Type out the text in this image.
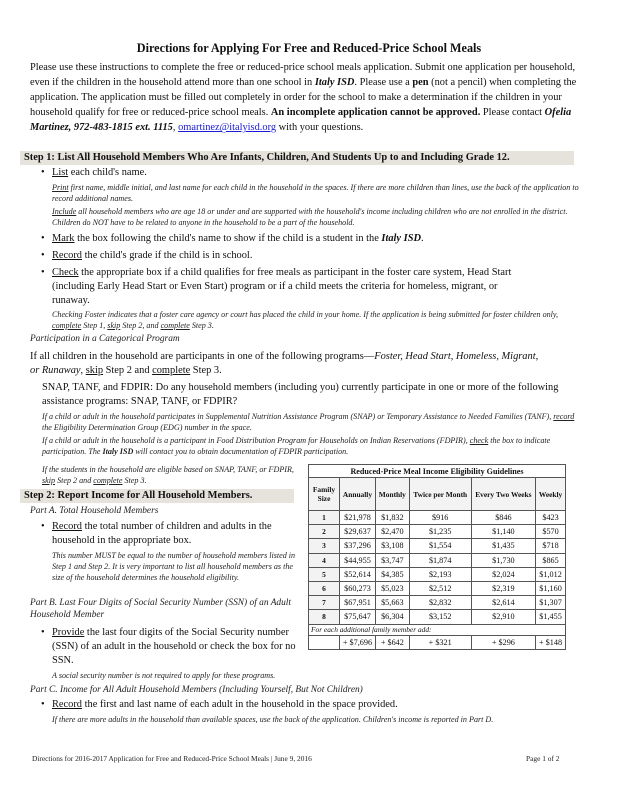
Directions for Applying For Free and Reduced-Price School Meals
Please use these instructions to complete the free or reduced-price school meals application. Submit one application per household, even if the children in the household attend more than one school in Italy ISD. Please use a pen (not a pencil) when completing the application. The application must be filled out completely in order for the school to make a determination if the children in your household qualify for free or reduced-price school meals. An incomplete application cannot be approved. Please contact Ofelia Martinez, 972-483-1815 ext. 1115, omartinez@italyisd.org with your questions.
Step 1: List All Household Members Who Are Infants, Children, And Students Up to and Including Grade 12.
• List each child's name.
Print first name, middle initial, and last name for each child in the household in the spaces. If there are more children than lines, use the back of the application to record additional names.
Include all household members who are age 18 or under and are supported with the household's income including children who are not enrolled in the district. Children do NOT have to be related to anyone in the household to be a part of the household.
• Mark the box following the child's name to show if the child is a student in the Italy ISD.
• Record the child's grade if the child is in school.
• Check the appropriate box if a child qualifies for free meals as participant in the foster care system, Head Start (including Early Head Start or Even Start) program or if a child meets the criteria for homeless, migrant, or runaway.
Checking Foster indicates that a foster care agency or court has placed the child in your home. If the application is being submitted for foster children only, complete Step 1, skip Step 2, and complete Step 3.
Participation in a Categorical Program
If all children in the household are participants in one of the following programs—Foster, Head Start, Homeless, Migrant, or Runaway, skip Step 2 and complete Step 3.
SNAP, TANF, and FDPIR: Do any household members (including you) currently participate in one or more of the following assistance programs: SNAP, TANF, or FDPIR?
If a child or adult in the household participates in Supplemental Nutrition Assistance Program (SNAP) or Temporary Assistance to Needed Families (TANF), record the Eligibility Determination Group (EDG) number in the space.
If a child or adult in the household is a participant in Food Distribution Program for Households on Indian Reservations (FDPIR), check the box to indicate participation. The Italy ISD will contact you to obtain documentation of FDPIR participation.
If the students in the household are eligible based on SNAP, TANF, or FDPIR, skip Step 2 and complete Step 3.
Step 2: Report Income for All Household Members.
Part A. Total Household Members
• Record the total number of children and adults in the household in the appropriate box.
This number MUST be equal to the number of household members listed in Step 1 and Step 2. It is very important to list all household members as the size of the household determines the household eligibility.
Part B. Last Four Digits of Social Security Number (SSN) of an Adult Household Member
• Provide the last four digits of the Social Security number (SSN) of an adult in the household or check the box for no SSN.
A social security number is not required to apply for these programs.
Part C. Income for All Adult Household Members (Including Yourself, But Not Children)
• Record the first and last name of each adult in the household in the space provided.
If there are more adults in the household than available spaces, use the back of the application. Children's income is reported in Part D.
Reduced-Price Meal Income Eligibility Guidelines					
Family Size	Annually	Monthly	Twice per Month	Every Two Weeks	Weekly
1	$21,978	$1,832	$916	$846	$423
2	$29,637	$2,470	$1,235	$1,140	$570
3	$37,296	$3,108	$1,554	$1,435	$718
4	$44,955	$3,747	$1,874	$1,730	$865
5	$52,614	$4,385	$2,193	$2,024	$1,012
6	$60,273	$5,023	$2,512	$2,319	$1,160
7	$67,951	$5,663	$2,832	$2,614	$1,307
8	$75,647	$6,304	$3,152	$2,910	$1,455
For each additional family member add:					
	+ $7,696	+ $642	+ $321	+ $296	+ $148
Directions for 2016-2017 Application for Free and Reduced-Price School Meals | June 9, 2016	Page 1 of 2
